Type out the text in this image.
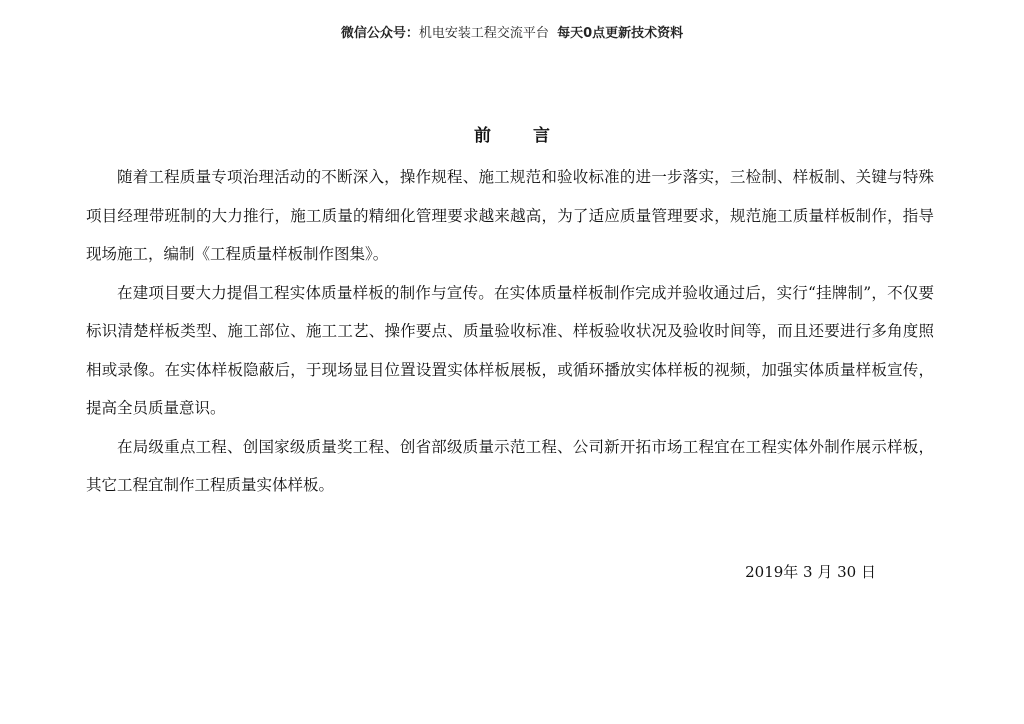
微信公众号：机电安装工程交流平台 每天0点更新技术资料
前 言

随着工程质量专项治理活动的不断深入，操作规程、施工规范和验收标准的进一步落实，三检制、样板制、关键与特殊项目经理带班制的大力推行，施工质量的精细化管理要求越来越高，为了适应质量管理要求，规范施工质量样板制作，指导现场施工，编制《工程质量样板制作图集》。

在建项目要大力提倡工程实体质量样板的制作与宣传。在实体质量样板制作完成并验收通过后，实行“挂牌制”，不仅要标识清楚样板类型、施工部位、施工工艺、操作要点、质量验收标准、样板验收状况及验收时间等，而且还要进行多角度照相或录像。在实体样板隐蔽后，于现场显目位置设置实体样板展板，或循环播放实体样板的视频，加强实体质量样板宣传，提高全员质量意识。

在局级重点工程、创国家级质量奖工程、创省部级质量示范工程、公司新开拓市场工程宜在工程实体外制作展示样板，其它工程宜制作工程质量实体样板。

2019年 3 月 30 日
